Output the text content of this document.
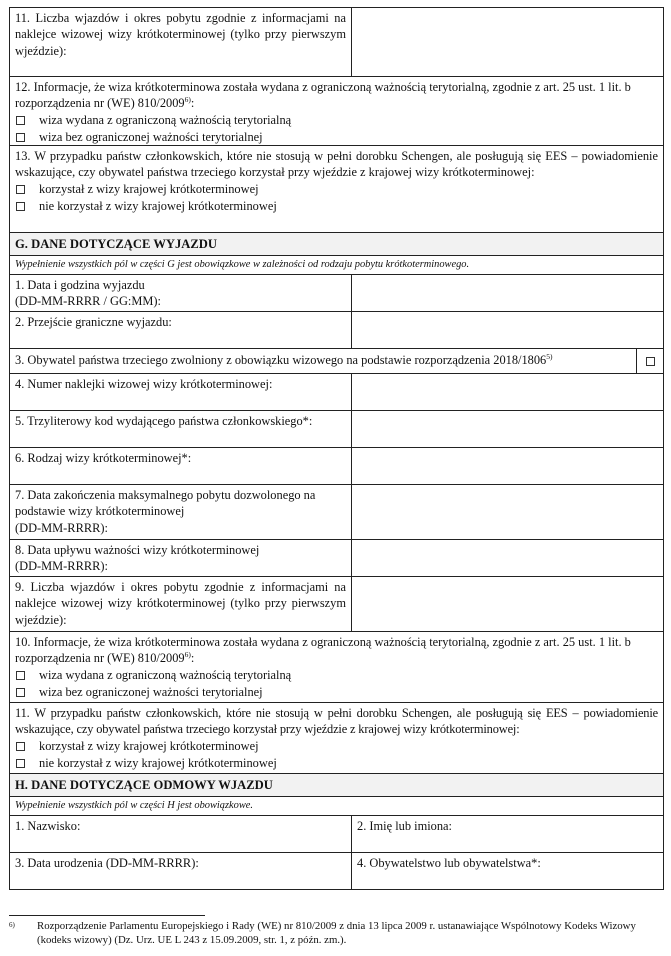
11. Liczba wjazdów i okres pobytu zgodnie z informacjami na naklejce wizowej wizy krótkoterminowej (tylko przy pierwszym wjeździe):
12. Informacje, że wiza krótkoterminowa została wydana z ograniczoną ważnością terytorialną, zgodnie z art. 25 ust. 1 lit. b rozporządzenia nr (WE) 810/2009$^{6)}$:
wiza wydana z ograniczoną ważnością terytorialną
wiza bez ograniczonej ważności terytorialnej
13. W przypadku państw członkowskich, które nie stosują w pełni dorobku Schengen, ale posługują się EES – powiadomienie wskazujące, czy obywatel państwa trzeciego korzystał przy wjeździe z krajowej wizy krótkoterminowej:
korzystał z wizy krajowej krótkoterminowej
nie korzystał z wizy krajowej krótkoterminowej
G. DANE DOTYCZĄCE WYJAZDU
Wypełnienie wszystkich pól w części G jest obowiązkowe w zależności od rodzaju pobytu krótkoterminowego.
1. Data i godzina wyjazdu
(DD-MM-RRRR / GG:MM):
2. Przejście graniczne wyjazdu:
3. Obywatel państwa trzeciego zwolniony z obowiązku wizowego na podstawie rozporządzenia 2018/1806$^{5)}$
4. Numer naklejki wizowej wizy krótkoterminowej:
5. Trzyliterowy kod wydającego państwa członkowskiego*:
6. Rodzaj wizy krótkoterminowej*:
7. Data zakończenia maksymalnego pobytu dozwolonego na podstawie wizy krótkoterminowej
(DD-MM-RRRR):
8. Data upływu ważności wizy krótkoterminowej
(DD-MM-RRRR):
9. Liczba wjazdów i okres pobytu zgodnie z informacjami na naklejce wizowej wizy krótkoterminowej (tylko przy pierwszym wjeździe):
10. Informacje, że wiza krótkoterminowa została wydana z ograniczoną ważnością terytorialną, zgodnie z art. 25 ust. 1 lit. b rozporządzenia nr (WE) 810/2009$^{6)}$:
wiza wydana z ograniczoną ważnością terytorialną
wiza bez ograniczonej ważności terytorialnej
11. W przypadku państw członkowskich, które nie stosują w pełni dorobku Schengen, ale posługują się EES – powiadomienie wskazujące, czy obywatel państwa trzeciego korzystał przy wjeździe z krajowej wizy krótkoterminowej:
korzystał z wizy krajowej krótkoterminowej
nie korzystał z wizy krajowej krótkoterminowej
H. DANE DOTYCZĄCE ODMOWY WJAZDU
Wypełnienie wszystkich pól w części H jest obowiązkowe.
1. Nazwisko:	2. Imię lub imiona:
3. Data urodzenia (DD-MM-RRRR):	4. Obywatelstwo lub obywatelstwa*:
6)	Rozporządzenie Parlamentu Europejskiego i Rady (WE) nr 810/2009 z dnia 13 lipca 2009 r. ustanawiające Wspólnotowy Kodeks Wizowy (kodeks wizowy) (Dz. Urz. UE L 243 z 15.09.2009, str. 1, z późn. zm.).
